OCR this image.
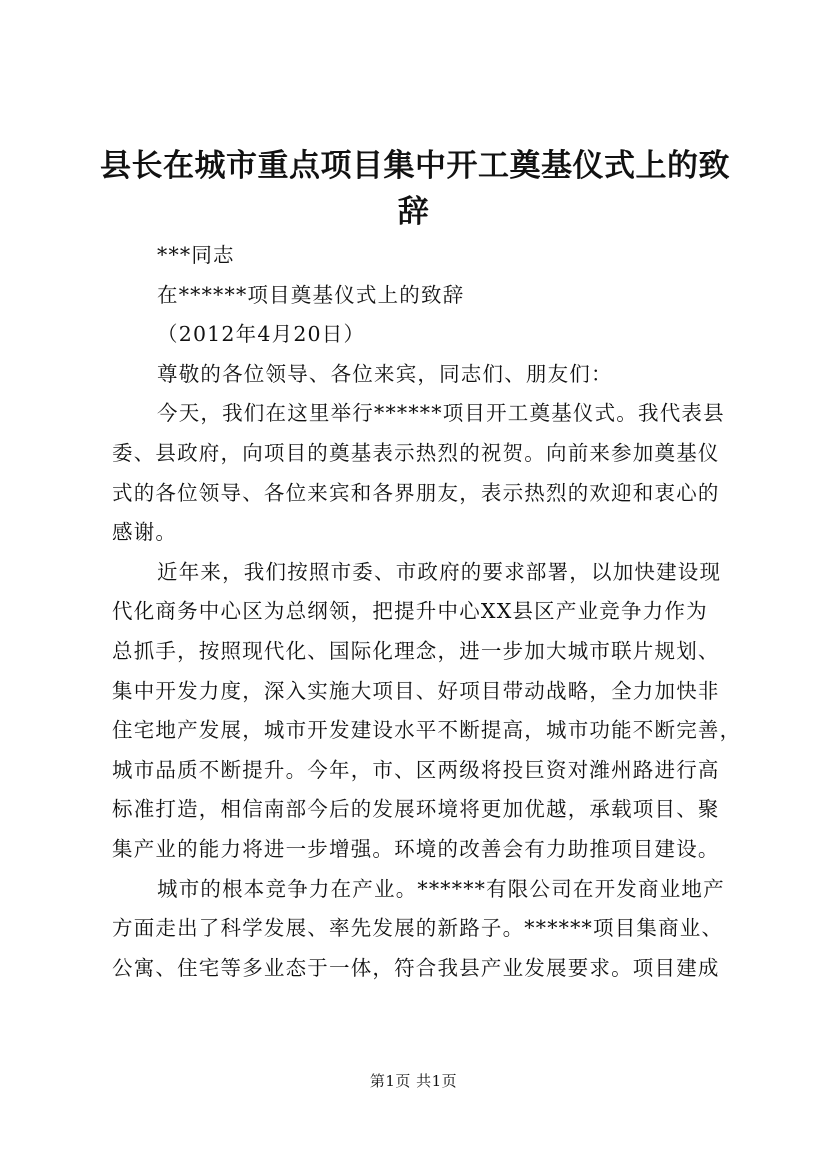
县长在城市重点项目集中开工奠基仪式上的致
辞
***同志
在******项目奠基仪式上的致辞
（2012年4月20日）
尊敬的各位领导、各位来宾，同志们、朋友们：
今天，我们在这里举行******项目开工奠基仪式。我代表县
委、县政府，向项目的奠基表示热烈的祝贺。向前来参加奠基仪
式的各位领导、各位来宾和各界朋友，表示热烈的欢迎和衷心的
感谢。
近年来，我们按照市委、市政府的要求部署，以加快建设现
代化商务中心区为总纲领，把提升中心XX县区产业竞争力作为
总抓手，按照现代化、国际化理念，进一步加大城市联片规划、
集中开发力度，深入实施大项目、好项目带动战略，全力加快非
住宅地产发展，城市开发建设水平不断提高，城市功能不断完善，
城市品质不断提升。今年，市、区两级将投巨资对潍州路进行高
标准打造，相信南部今后的发展环境将更加优越，承载项目、聚
集产业的能力将进一步增强。环境的改善会有力助推项目建设。
城市的根本竞争力在产业。******有限公司在开发商业地产
方面走出了科学发展、率先发展的新路子。******项目集商业、
公寓、住宅等多业态于一体，符合我县产业发展要求。项目建成
第1页 共1页
